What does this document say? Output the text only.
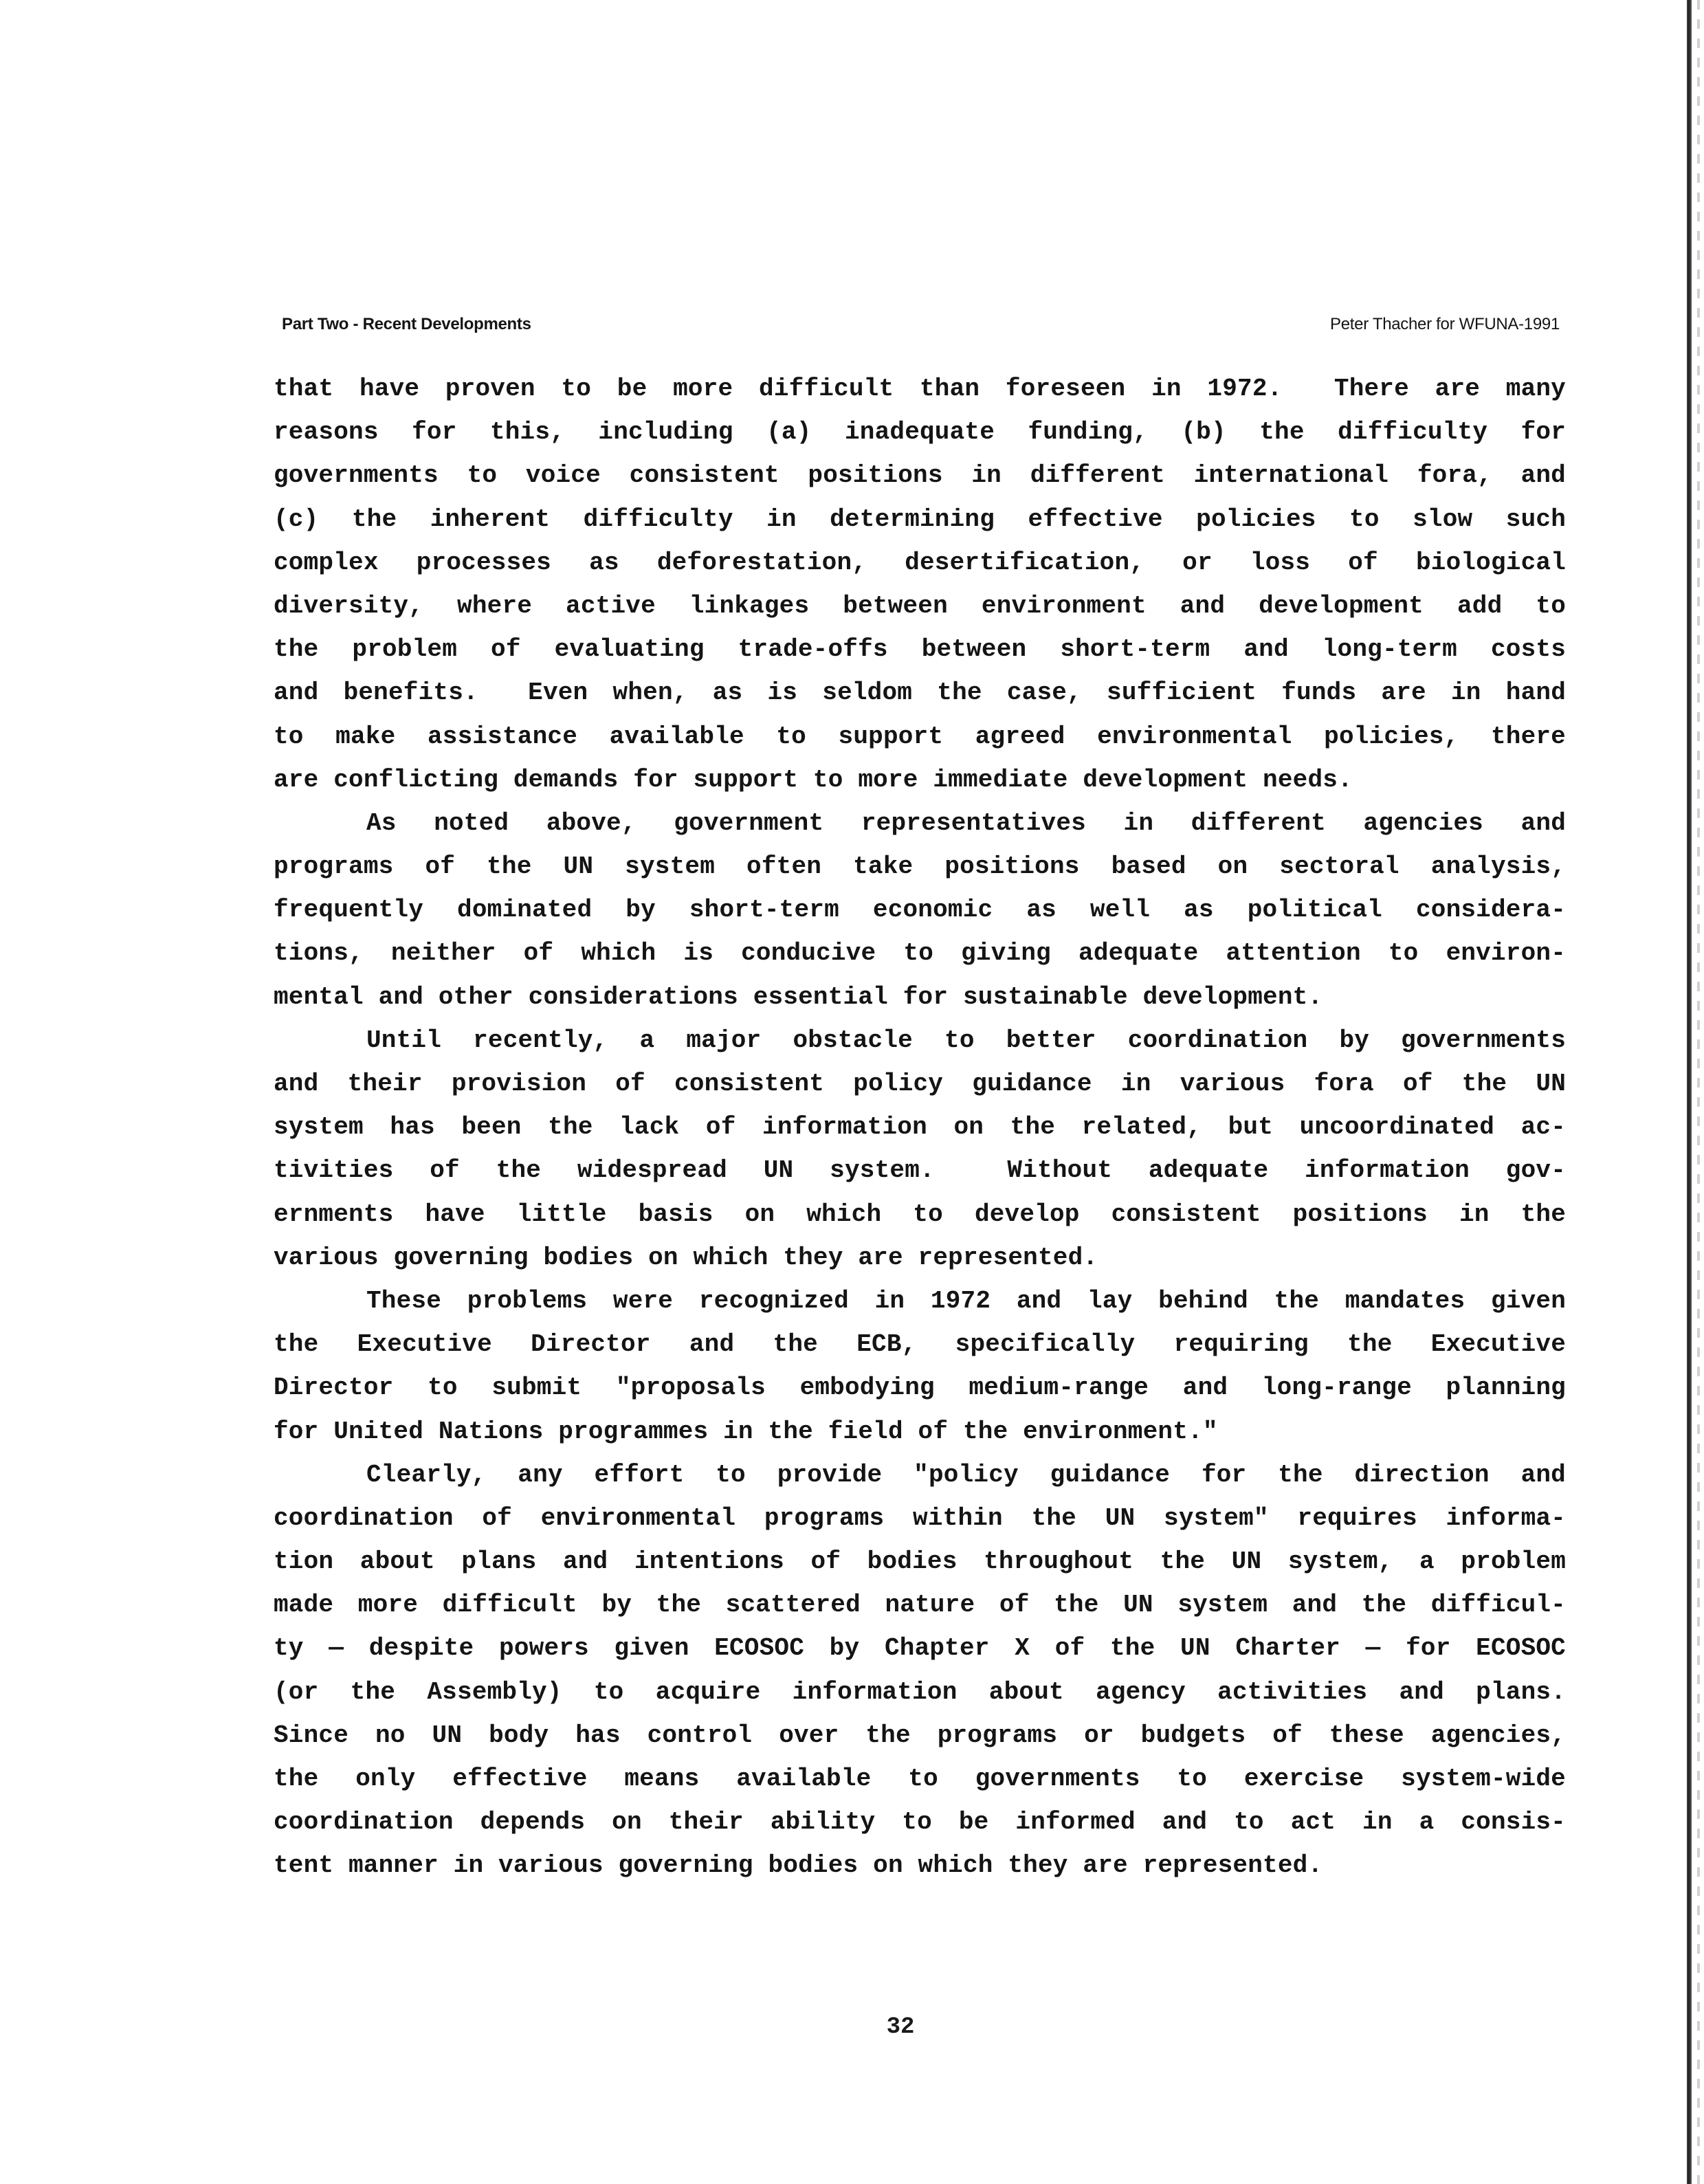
Part Two - Recent Developments	Peter Thacher for WFUNA-1991
that have proven to be more difficult than foreseen in 1972.  There are many
reasons for this, including (a) inadequate funding, (b) the difficulty for
governments to voice consistent positions in different international fora, and
(c) the inherent difficulty in determining effective policies to slow such
complex processes as deforestation, desertification, or loss of biological
diversity, where active linkages between environment and development add to
the problem of evaluating trade-offs between short-term and long-term costs
and benefits.  Even when, as is seldom the case, sufficient funds are in hand
to make assistance available to support agreed environmental policies, there
are conflicting demands for support to more immediate development needs.
As noted above, government representatives in different agencies and
programs of the UN system often take positions based on sectoral analysis,
frequently dominated by short-term economic as well as political considera-
tions, neither of which is conducive to giving adequate attention to environ-
mental and other considerations essential for sustainable development.
Until recently, a major obstacle to better coordination by governments
and their provision of consistent policy guidance in various fora of the UN
system has been the lack of information on the related, but uncoordinated ac-
tivities of the widespread UN system.  Without adequate information gov-
ernments have little basis on which to develop consistent positions in the
various governing bodies on which they are represented.
These problems were recognized in 1972 and lay behind the mandates given
the Executive Director and the ECB, specifically requiring the Executive
Director to submit "proposals embodying medium-range and long-range planning
for United Nations programmes in the field of the environment."
Clearly, any effort to provide "policy guidance for the direction and
coordination of environmental programs within the UN system" requires informa-
tion about plans and intentions of bodies throughout the UN system, a problem
made more difficult by the scattered nature of the UN system and the difficul-
ty — despite powers given ECOSOC by Chapter X of the UN Charter — for ECOSOC
(or the Assembly) to acquire information about agency activities and plans.
Since no UN body has control over the programs or budgets of these agencies,
the only effective means available to governments to exercise system-wide
coordination depends on their ability to be informed and to act in a consis-
tent manner in various governing bodies on which they are represented.
32
